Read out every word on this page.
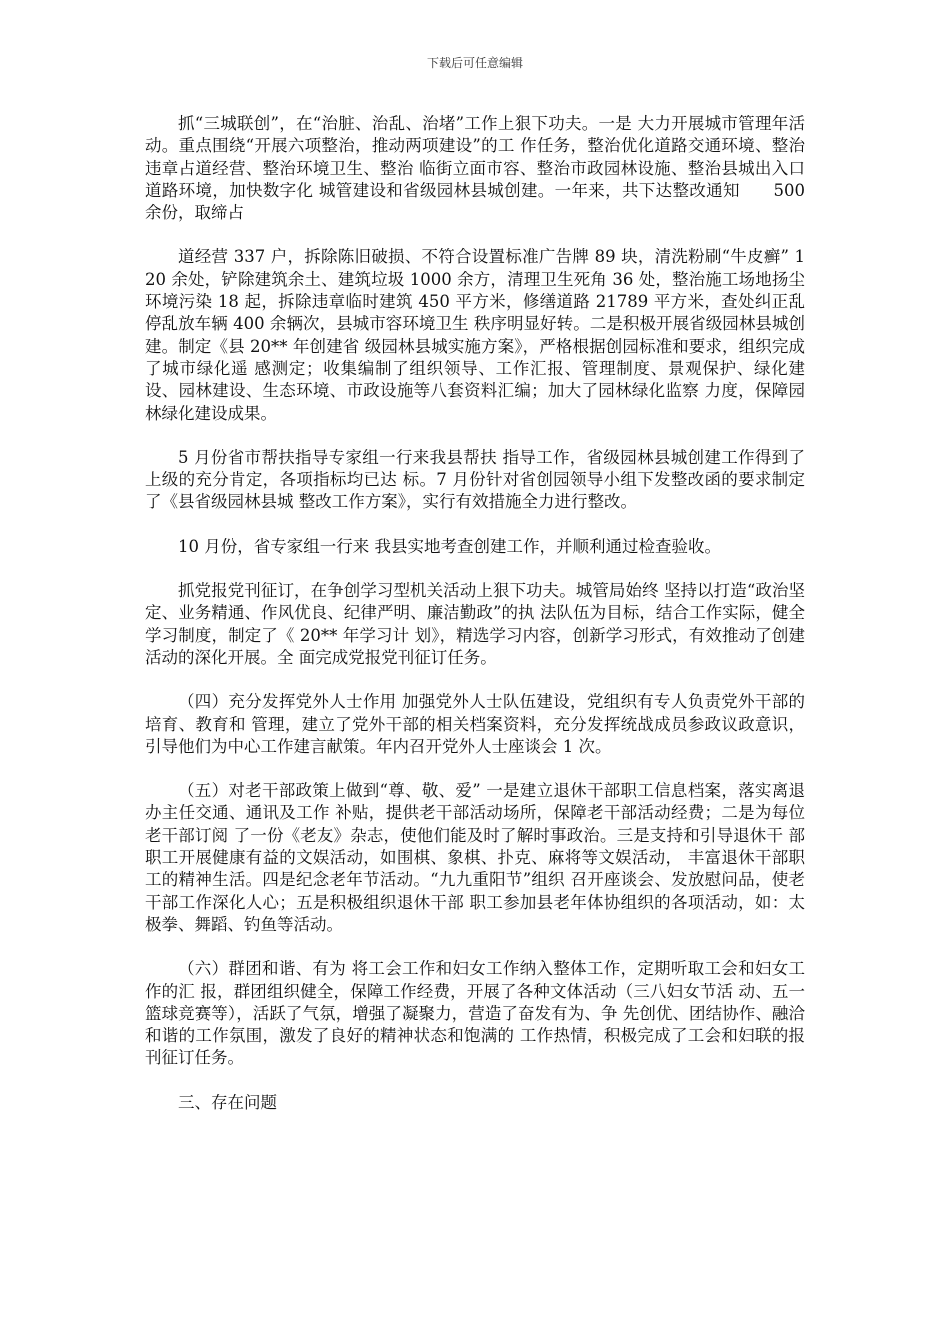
下载后可任意编辑

抓“三城联创”，在“治脏、治乱、治堵”工作上狠下功夫。一是 大力开展城市管理年活动。重点围绕“开展六项整治，推动两项建设”的工 作任务，整治优化道路交通环境、整治违章占道经营、整治环境卫生、整治 临街立面市容、整治市政园林设施、整治县城出入口道路环境，加快数字化 城管建设和省级园林县城创建。一年来，共下达整改通知　　500 余份，取缔占

道经营 337 户，拆除陈旧破损、不符合设置标准广告牌 89 块，清洗粉刷“牛皮癣” 120 余处，铲除建筑余土、建筑垃圾 1000 余方，清理卫生死角 36 处，整治施工场地扬尘环境污染 18 起，拆除违章临时建筑 450 平方米，修缮道路 21789 平方米，查处纠正乱停乱放车辆 400 余辆次，县城市容环境卫生 秩序明显好转。二是积极开展省级园林县城创建。制定《县 20** 年创建省 级园林县城实施方案》，严格根据创园标准和要求，组织完成了城市绿化遥 感测定；收集编制了组织领导、工作汇报、管理制度、景观保护、绿化建 设、园林建设、生态环境、市政设施等八套资料汇编；加大了园林绿化监察 力度，保障园林绿化建设成果。

5 月份省市帮扶指导专家组一行来我县帮扶 指导工作，省级园林县城创建工作得到了上级的充分肯定，各项指标均已达 标。7 月份针对省创园领导小组下发整改函的要求制定了《县省级园林县城 整改工作方案》，实行有效措施全力进行整改。

10 月份，省专家组一行来 我县实地考查创建工作，并顺利通过检查验收。

抓党报党刊征订，在争创学习型机关活动上狠下功夫。城管局始终 坚持以打造“政治坚定、业务精通、作风优良、纪律严明、廉洁勤政”的执 法队伍为目标，结合工作实际，健全学习制度，制定了《 20** 年学习计 划》，精选学习内容，创新学习形式，有效推动了创建活动的深化开展。全 面完成党报党刊征订任务。

（四）充分发挥党外人士作用 加强党外人士队伍建设，党组织有专人负责党外干部的培育、教育和 管理，建立了党外干部的相关档案资料，充分发挥统战成员参政议政意识， 引导他们为中心工作建言献策。年内召开党外人士座谈会 1 次。

（五）对老干部政策上做到“尊、敬、爱” 一是建立退休干部职工信息档案，落实离退办主任交通、通讯及工作 补贴，提供老干部活动场所，保障老干部活动经费；二是为每位老干部订阅 了一份《老友》杂志，使他们能及时了解时事政治。三是支持和引导退休干 部职工开展健康有益的文娱活动，如围棋、象棋、扑克、麻将等文娱活动， 丰富退休干部职工的精神生活。四是纪念老年节活动。“九九重阳节”组织 召开座谈会、发放慰问品，使老干部工作深化人心；五是积极组织退休干部 职工参加县老年体协组织的各项活动，如：太极拳、舞蹈、钓鱼等活动。

（六）群团和谐、有为 将工会工作和妇女工作纳入整体工作，定期听取工会和妇女工作的汇 报，群团组织健全，保障工作经费，开展了各种文体活动（三八妇女节活 动、五一篮球竞赛等），活跃了气氛，增强了凝聚力，营造了奋发有为、争 先创优、团结协作、融洽和谐的工作氛围，激发了良好的精神状态和饱满的 工作热情，积极完成了工会和妇联的报刊征订任务。

三、存在问题
